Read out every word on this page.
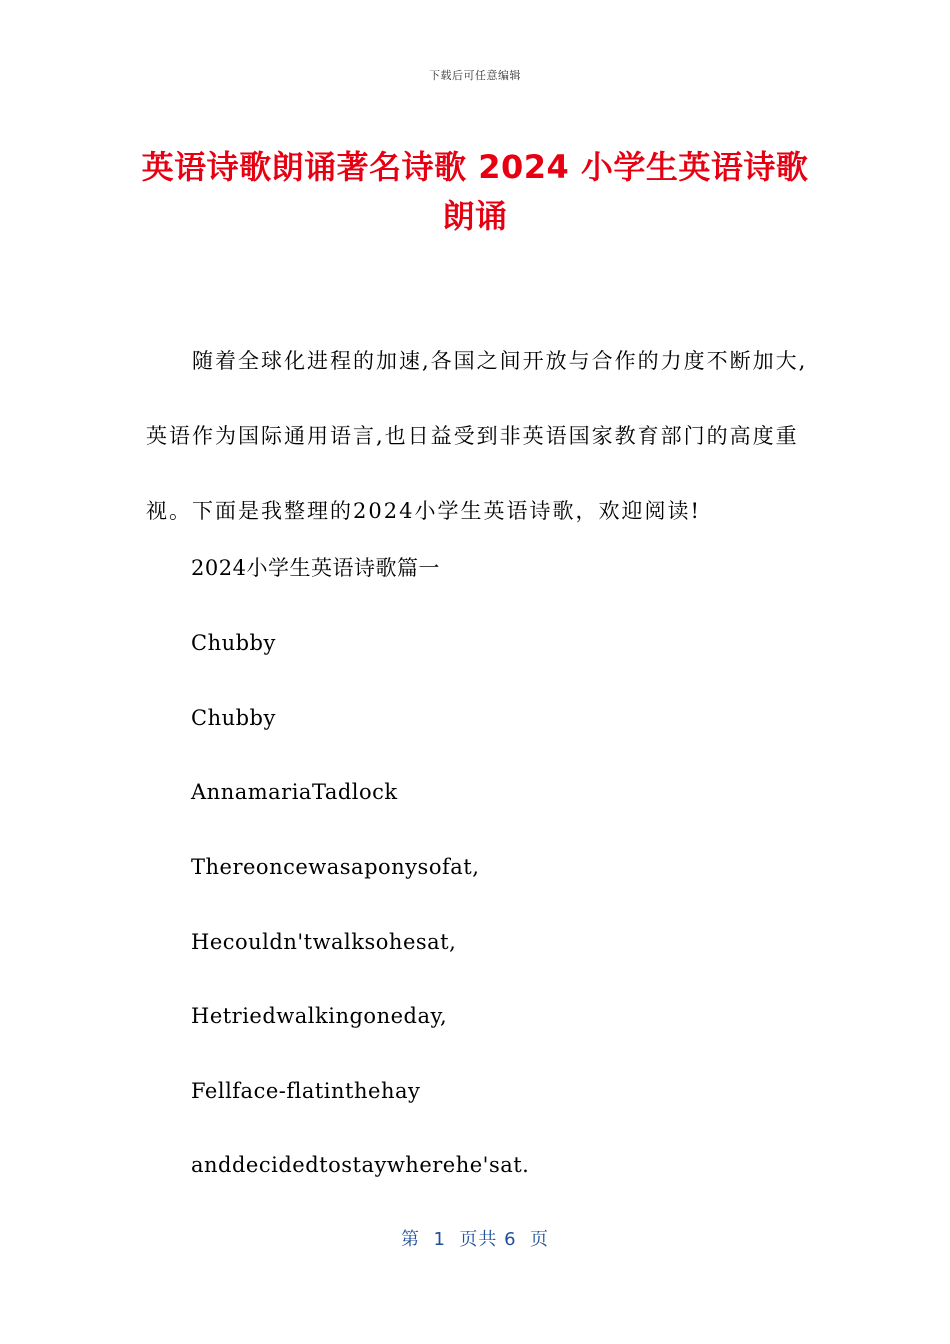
下载后可任意编辑
英语诗歌朗诵著名诗歌 2024 小学生英语诗歌朗诵

随着全球化进程的加速,各国之间开放与合作的力度不断加大,英语作为国际通用语言,也日益受到非英语国家教育部门的高度重视。下面是我整理的2024小学生英语诗歌，欢迎阅读!

2024小学生英语诗歌篇一

Chubby

Chubby

AnnamariaTadlock

Thereoncewasaponysofat,

Hecouldn'twalksohesat,

Hetriedwalkingoneday,

Fellface-flatinthehay

anddecidedtostaywherehe'sat.

第  1  页共 6  页
